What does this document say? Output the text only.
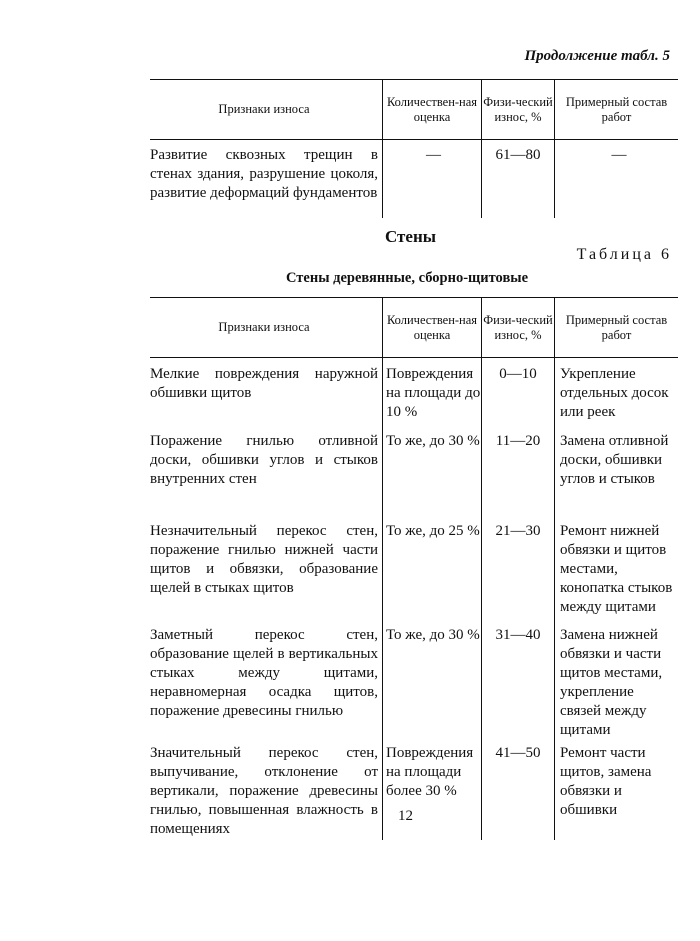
Продолжение табл. 5
Признаки износа	Количествен-ная оценка	Физи-ческий износ, %	Примерный состав работ
Развитие сквозных трещин в стенах здания, разрушение цоколя, развитие деформаций фундаментов	—	61—80	—
Стены
Таблица 6
Стены деревянные, сборно-щитовые
Признаки износа	Количествен-ная оценка	Физи-ческий износ, %	Примерный состав работ
Мелкие повреждения наружной обшивки щитов	Повреждения на площади до 10 %	0—10	Укрепление отдельных досок или реек
Поражение гнилью отливной доски, обшивки углов и стыков внутренних стен	То же, до 30 %	11—20	Замена отливной доски, обшивки углов и стыков
Незначительный перекос стен, поражение гнилью нижней части щитов и обвязки, образование щелей в стыках щитов	То же, до 25 %	21—30	Ремонт нижней обвязки и щитов местами, конопатка стыков между щитами
Заметный перекос стен, образование щелей в вертикальных стыках между щитами, неравномерная осадка щитов, поражение древесины гнилью	То же, до 30 %	31—40	Замена нижней обвязки и части щитов местами, укрепление связей между щитами
Значительный перекос стен, выпучивание, отклонение от вертикали, поражение древесины гнилью, повышенная влажность в помещениях	Повреждения на площади более 30 %	41—50	Ремонт части щитов, замена обвязки и обшивки
12
